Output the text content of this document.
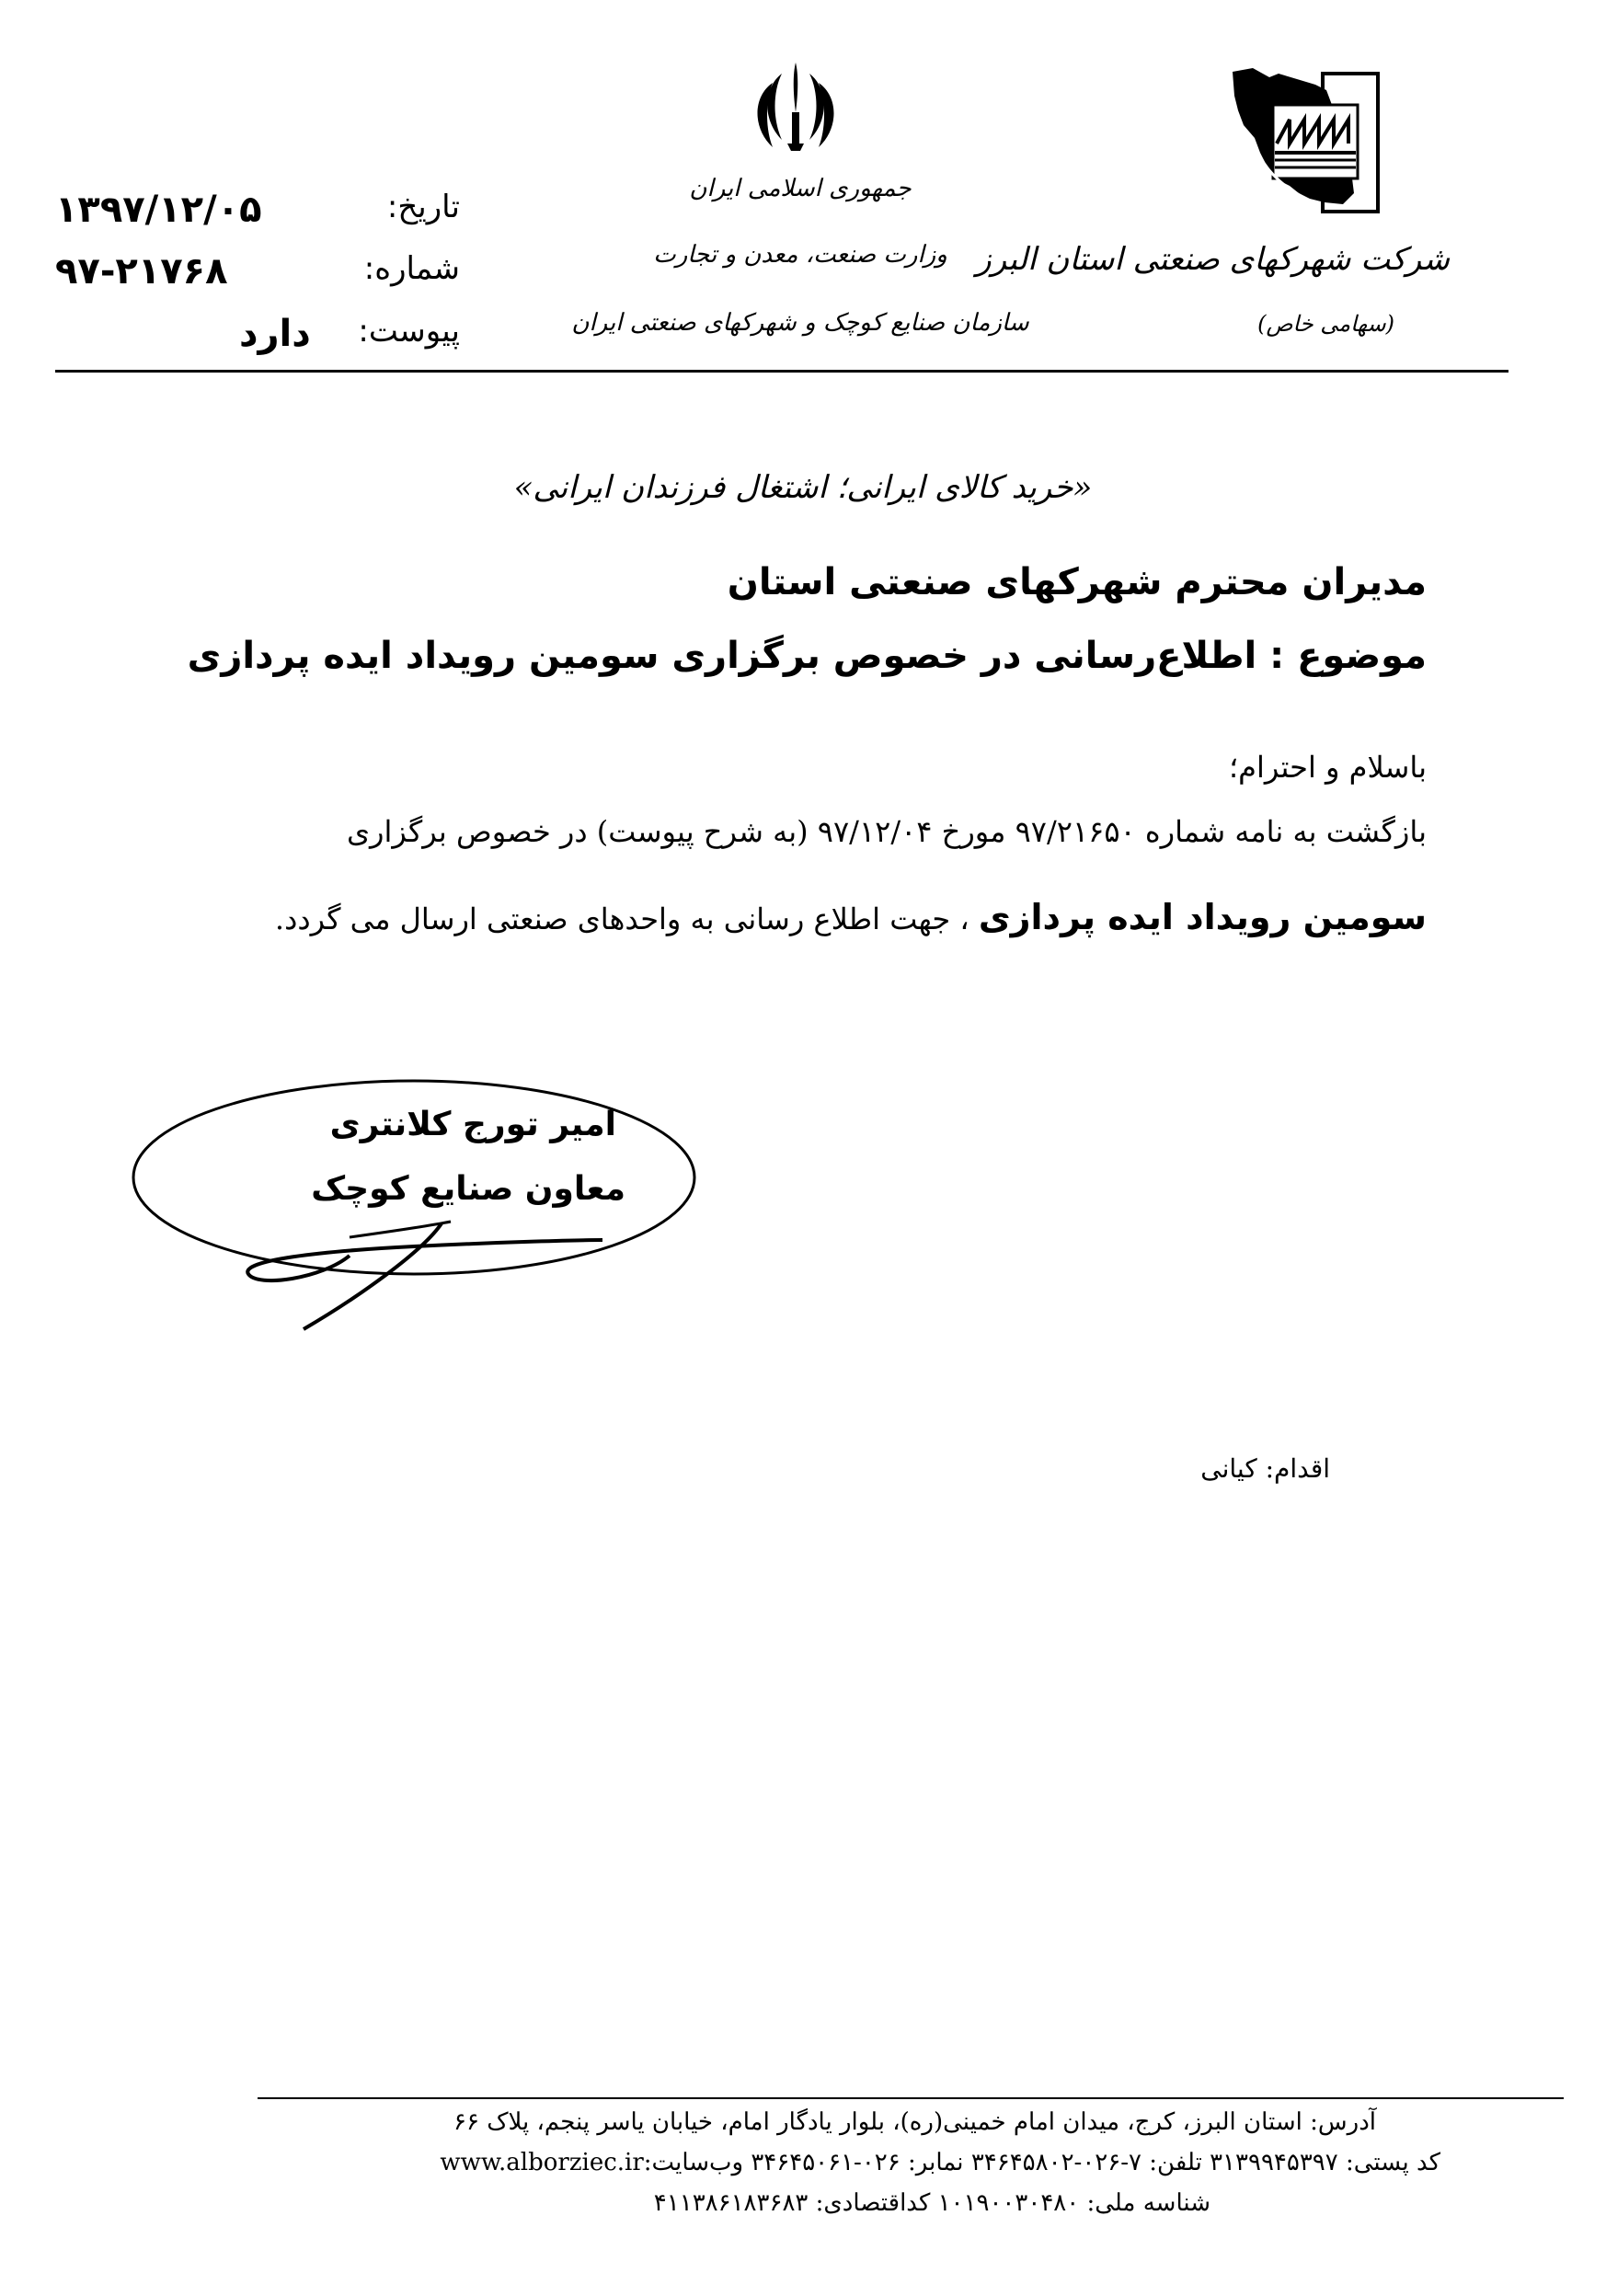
تاریخ:
۱۳۹۷/۱۲/۰۵
شماره:
۹۷-۲۱۷۶۸
پیوست:
دارد
جمهوری اسلامی ایران
وزارت صنعت، معدن و تجارت
سازمان صنایع کوچک و شهرکهای صنعتی ایران
شرکت شهرکهای صنعتی استان البرز
(سهامی خاص)
«خرید کالای ایرانی؛ اشتغال فرزندان ایرانی»
مدیران محترم شهرکهای صنعتی استان
موضوع : اطلاع‌رسانی در خصوص برگزاری سومین رویداد ایده پردازی
باسلام و احترام؛
بازگشت به نامه شماره ۹۷/۲۱۶۵۰ مورخ ۹۷/۱۲/۰۴ (به شرح پیوست) در خصوص برگزاری
سومین رویداد ایده پردازی ، جهت اطلاع رسانی به واحدهای صنعتی ارسال می گردد.
امیر تورج کلانتری
معاون صنایع کوچک
اقدام: کیانی
آدرس: استان البرز، کرج، میدان امام خمینی(ره)، بلوار یادگار امام، خیابان یاسر پنجم، پلاک ۶۶
کد پستی: ۳۱۳۹۹۴۵۳۹۷ تلفن: ۷-۰۲۶-۳۴۶۴۵۸۰۲ نمابر: ۰۲۶-۳۴۶۴۵۰۶۱ وب‌سایت:www.alborziec.ir
شناسه ملی: ۱۰۱۹۰۰۳۰۴۸۰ کداقتصادی: ۴۱۱۳۸۶۱۸۳۶۸۳
